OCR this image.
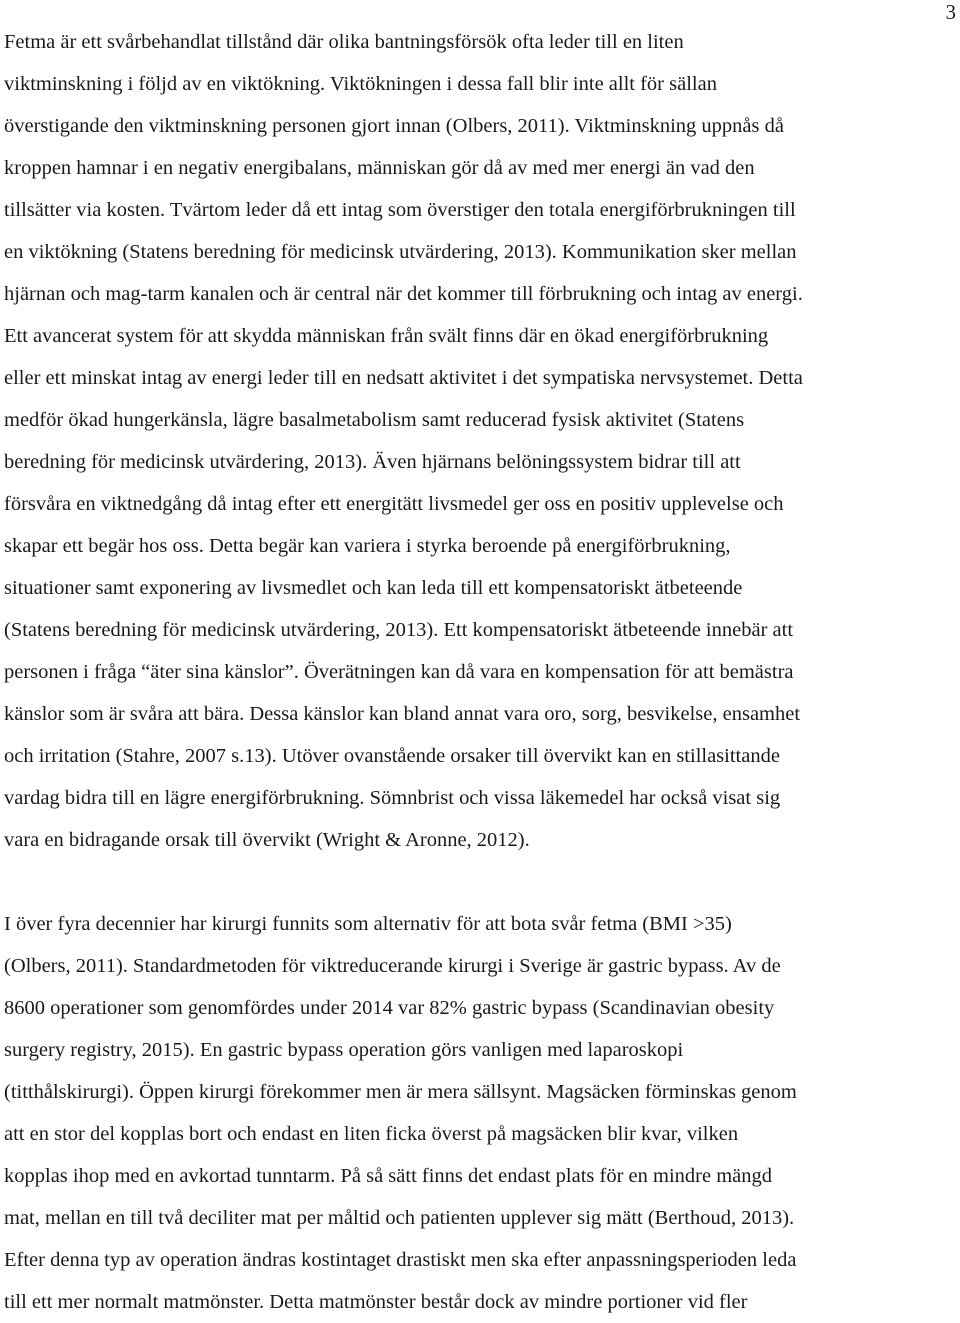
3
Fetma är ett svårbehandlat tillstånd där olika bantningsförsök ofta leder till en liten
viktminskning i följd av en viktökning. Viktökningen i dessa fall blir inte allt för sällan
överstigande den viktminskning personen gjort innan (Olbers, 2011). Viktminskning uppnås då
kroppen hamnar i en negativ energibalans, människan gör då av med mer energi än vad den
tillsätter via kosten. Tvärtom leder då ett intag som överstiger den totala energiförbrukningen till
en viktökning (Statens beredning för medicinsk utvärdering, 2013). Kommunikation sker mellan
hjärnan och mag-tarm kanalen och är central när det kommer till förbrukning och intag av energi.
Ett avancerat system för att skydda människan från svält finns där en ökad energiförbrukning
eller ett minskat intag av energi leder till en nedsatt aktivitet i det sympatiska nervsystemet. Detta
medför ökad hungerkänsla, lägre basalmetabolism samt reducerad fysisk aktivitet (Statens
beredning för medicinsk utvärdering, 2013). Även hjärnans belöningssystem bidrar till att
försvåra en viktnedgång då intag efter ett energitätt livsmedel ger oss en positiv upplevelse och
skapar ett begär hos oss. Detta begär kan variera i styrka beroende på energiförbrukning,
situationer samt exponering av livsmedlet och kan leda till ett kompensatoriskt ätbeteende
(Statens beredning för medicinsk utvärdering, 2013). Ett kompensatoriskt ätbeteende innebär att
personen i fråga “äter sina känslor”. Överätningen kan då vara en kompensation för att bemästra
känslor som är svåra att bära. Dessa känslor kan bland annat vara oro, sorg, besvikelse, ensamhet
och irritation (Stahre, 2007 s.13). Utöver ovanstående orsaker till övervikt kan en stillasittande
vardag bidra till en lägre energiförbrukning. Sömnbrist och vissa läkemedel har också visat sig
vara en bidragande orsak till övervikt (Wright & Aronne, 2012).
I över fyra decennier har kirurgi funnits som alternativ för att bota svår fetma (BMI >35)
(Olbers, 2011). Standardmetoden för viktreducerande kirurgi i Sverige är gastric bypass. Av de
8600 operationer som genomfördes under 2014 var 82% gastric bypass (Scandinavian obesity
surgery registry, 2015). En gastric bypass operation görs vanligen med laparoskopi
(titthålskirurgi). Öppen kirurgi förekommer men är mera sällsynt. Magsäcken förminskas genom
att en stor del kopplas bort och endast en liten ficka överst på magsäcken blir kvar, vilken
kopplas ihop med en avkortad tunntarm. På så sätt finns det endast plats för en mindre mängd
mat, mellan en till två deciliter mat per måltid och patienten upplever sig mätt (Berthoud, 2013).
Efter denna typ av operation ändras kostintaget drastiskt men ska efter anpassningsperioden leda
till ett mer normalt matmönster. Detta matmönster består dock av mindre portioner vid fler
